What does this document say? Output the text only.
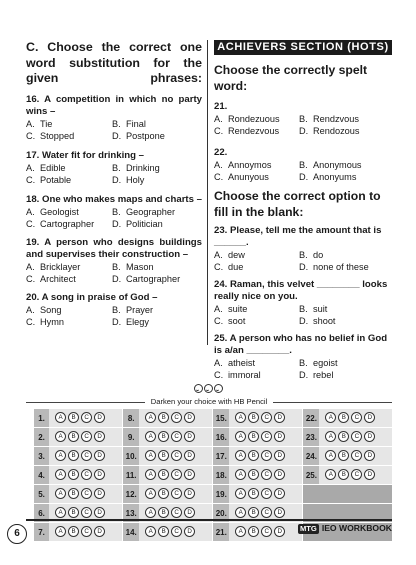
C. Choose the correct one word substitution for the given phrases:
16. A competition in which no party wins –
A. Tie	B. Final
C. Stopped	D. Postpone
17. Water fit for drinking –
A. Edible	B. Drinking
C. Potable	D. Holy
18. One who makes maps and charts –
A. Geologist	B. Geographer
C. Cartographer D. Politician
19. A person who designs buildings and supervises their construction –
A. Bricklayer	B. Mason
C. Architect	D. Cartographer
20. A song in praise of God –
A. Song	B. Prayer
C. Hymn	D. Elegy
ACHIEVERS SECTION (HOTS)
Choose the correctly spelt word:
21.
A. Rondezuous B. Rendzvous
C. Rendezvous D. Rendozous
22.
A. Annoymos	B. Anonymous
C. Anunyous	D. Anonyums
Choose the correct option to fill in the blank:
23. Please, tell me the amount that is ______.
A. dew	B. do
C. due	D. none of these
24. Raman, this velvet ________ looks really nice on you.
A. suite	B. suit
C. soot	D. shoot
25. A person who has no belief in God is a/an ________.
A. atheist	B. egoist
C. immoral	D. rebel
Darken your choice with HB Pencil
1.	A B C D		8.	A B C D		15.	A B C D		22.	A B C D
2.	A B C D		9.	A B C D		16.	A B C D		23.	A B C D
3.	A B C D		10.	A B C D		17.	A B C D		24.	A B C D
4.	A B C D		11.	A B C D		18.	A B C D		25.	A B C D
5.	A B C D		12.	A B C D		19.	A B C D			
6.	A B C D		13.	A B C D		20.	A B C D			
7.	A B C D		14.	A B C D		21.	A B C D			
6	MTG IEO WORKBOOK
